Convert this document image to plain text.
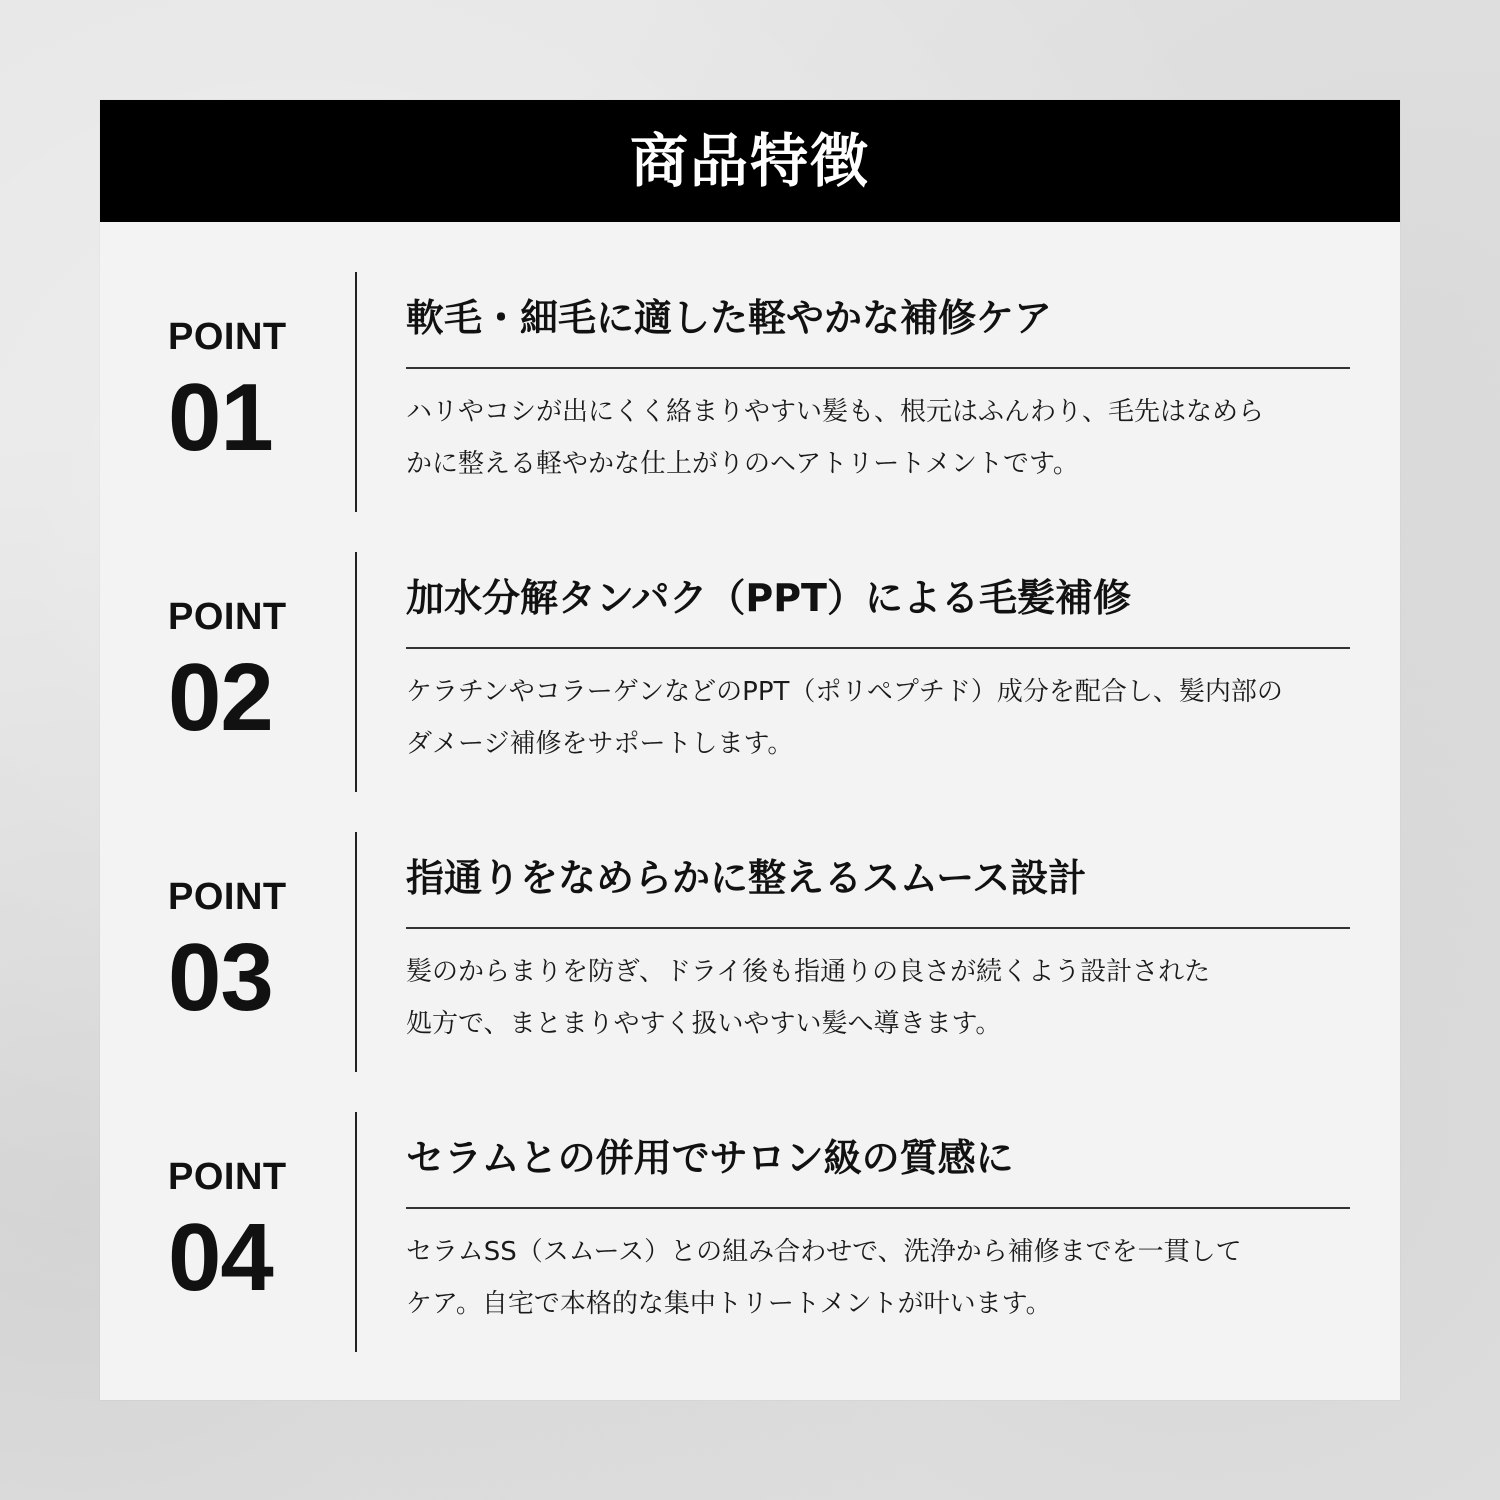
商品特徴
POINT
01
軟毛・細毛に適した軽やかな補修ケア
ハリやコシが出にくく絡まりやすい髪も、根元はふんわり、毛先はなめら
かに整える軽やかな仕上がりのヘアトリートメントです。
POINT
02
加水分解タンパク（PPT）による毛髪補修
ケラチンやコラーゲンなどのPPT（ポリペプチド）成分を配合し、髪内部の
ダメージ補修をサポートします。
POINT
03
指通りをなめらかに整えるスムース設計
髪のからまりを防ぎ、ドライ後も指通りの良さが続くよう設計された
処方で、まとまりやすく扱いやすい髪へ導きます。
POINT
04
セラムとの併用でサロン級の質感に
セラムSS（スムース）との組み合わせで、洗浄から補修までを一貫して
ケア。自宅で本格的な集中トリートメントが叶います。
